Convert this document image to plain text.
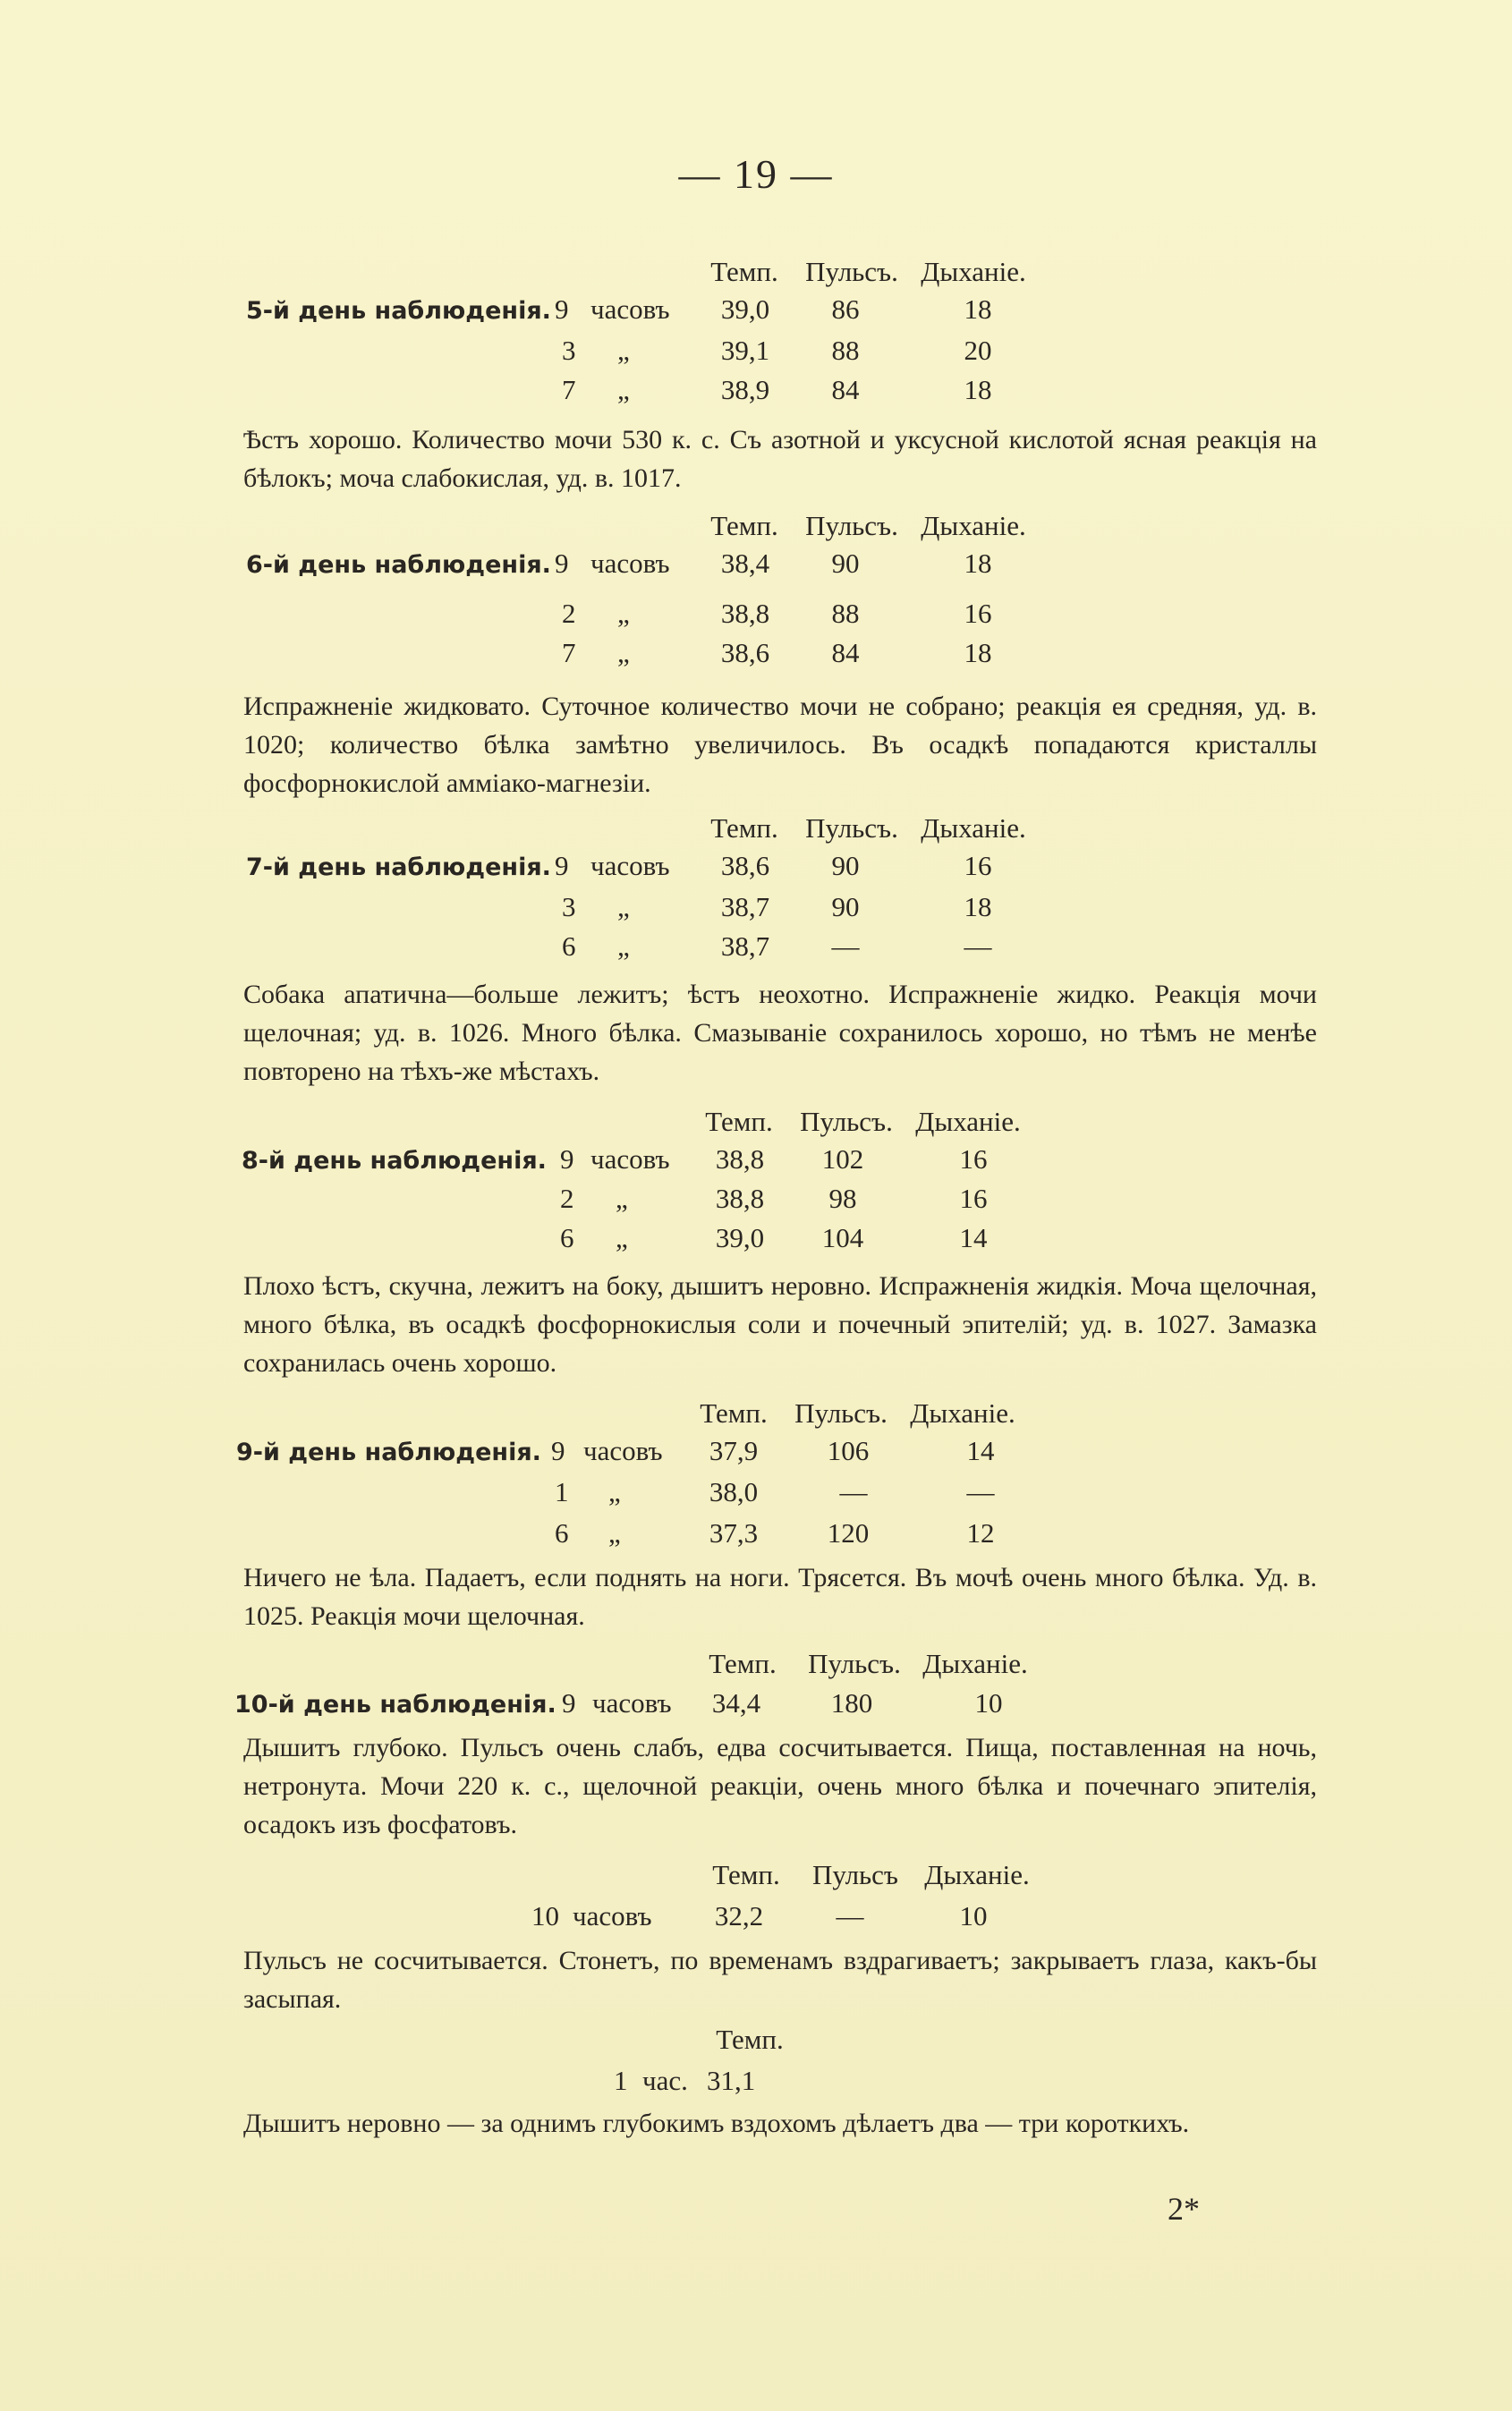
— 19 —
Темп. Пульсъ. Дыханіе.
5-й день наблюденія. 9 часовъ 39,0 86	18
3 „	39,1 88	20
7 „	38,9 84	18

Ѣстъ хорошо. Количество мочи 530 к. с. Съ азотной и уксусной кислотой ясная реакція на бѣлокъ; моча слабокислая, уд. в. 1017.

Темп. Пульсъ. Дыханіе.
6-й день наблюденія. 9 часовъ 38,4 90	18
2 „	38,8 88	16
7 „	38,6 84	18

Испражненіе жидковато. Суточное количество мочи не собрано; реакція ея средняя, уд. в. 1020; количество бѣлка замѣтно увеличилось. Въ осадкѣ попадаются кристаллы фосфорнокислой аммiако-магнезіи.

Темп. Пульсъ. Дыханіе.
7-й день наблюденія. 9 часовъ 38,6 90	16
3 „	38,7 90	18
6 „	38,7 —	—

Собака апатична—больше лежитъ; ѣстъ неохотно. Испражненіе жидко. Реакція мочи щелочная; уд. в. 1026. Много бѣлка. Смазываніе сохранилось хорошо, но тѣмъ не менѣе повторено на тѣхъ-же мѣстахъ.

Темп. Пульсъ. Дыханіе.
8-й день наблюденія. 9 часовъ 38,8 102	16
2 „	38,8 98	16
6 „	39,0 104	14

Плохо ѣстъ, скучна, лежитъ на боку, дышитъ неровно. Испражненія жидкія. Моча щелочная, много бѣлка, въ осадкѣ фосфорнокислыя соли и почечный эпителій; уд. в. 1027. Замазка сохранилась очень хорошо.

Темп. Пульсъ. Дыханіе.
9-й день наблюденія. 9 часовъ 37,9	106	14
1 „	38,0	—	—
6 „	37,3	120	12

Ничего не ѣла. Падаетъ, если поднять на ноги. Трясется. Въ мочѣ очень много бѣлка. Уд. в. 1025. Реакція мочи щелочная.

Темп. Пульсъ. Дыханіе.
10-й день наблюденія. 9 часовъ 34,4	180	10

Дышитъ глубоко. Пульсъ очень слабъ, едва сосчитывается. Пища, поставленная на ночь, нетронута. Мочи 220 к. с., щелочной реакціи, очень много бѣлка и почечнаго эпителія, осадокъ изъ фосфатовъ.

Темп. Пульсъ Дыханіе.
10 часовъ 32,2	—	10

Пульсъ не сосчитывается. Стонетъ, по временамъ вздрагиваетъ; закрываетъ глаза, какъ-бы засыпая.

Темп.
1 час. 31,1

Дышитъ неровно — за однимъ глубокимъ вздохомъ дѣлаетъ два — три короткихъ.

2*
